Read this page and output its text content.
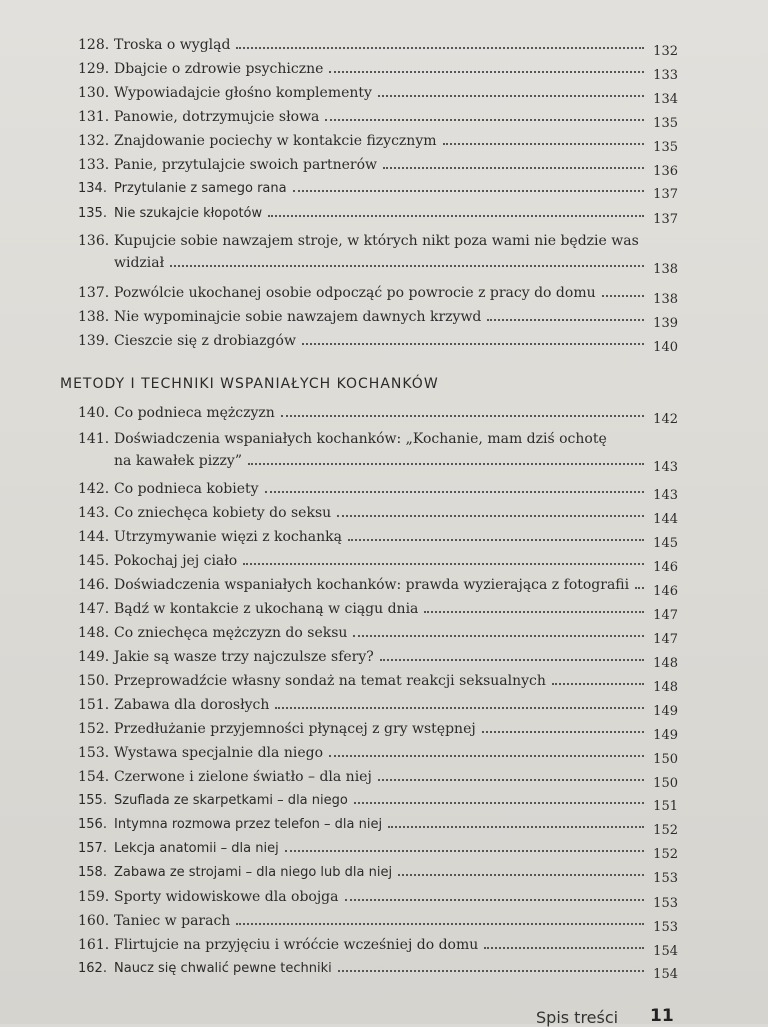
128. Troska o wygląd	132
129. Dbajcie o zdrowie psychiczne	133
130. Wypowiadajcie głośno komplementy	134
131. Panowie, dotrzymujcie słowa	135
132. Znajdowanie pociechy w kontakcie fizycznym	135
133. Panie, przytulajcie swoich partnerów	136
134. Przytulanie z samego rana	137
135. Nie szukajcie kłopotów	137
136. Kupujcie sobie nawzajem stroje, w których nikt poza wami nie będzie was
widział	138
137. Pozwólcie ukochanej osobie odpocząć po powrocie z pracy do domu	138
138. Nie wypominajcie sobie nawzajem dawnych krzywd	139
139. Cieszcie się z drobiazgów	140
METODY I TECHNIKI WSPANIAŁYCH KOCHANKÓW
140. Co podnieca mężczyzn	142
141. Doświadczenia wspaniałych kochanków: „Kochanie, mam dziś ochotę
na kawałek pizzy”	143
142. Co podnieca kobiety	143
143. Co zniechęca kobiety do seksu	144
144. Utrzymywanie więzi z kochanką	145
145. Pokochaj jej ciało	146
146. Doświadczenia wspaniałych kochanków: prawda wyzierająca z fotografii 146
147. Bądź w kontakcie z ukochaną w ciągu dnia	147
148. Co zniechęca mężczyzn do seksu	147
149. Jakie są wasze trzy najczulsze sfery?	148
150. Przeprowadźcie własny sondaż na temat reakcji seksualnych	148
151. Zabawa dla dorosłych	149
152. Przedłużanie przyjemności płynącej z gry wstępnej	149
153. Wystawa specjalnie dla niego	150
154. Czerwone i zielone światło – dla niej	150
155. Szuflada ze skarpetkami – dla niego	151
156. Intymna rozmowa przez telefon – dla niej	152
157. Lekcja anatomii – dla niej	152
158. Zabawa ze strojami – dla niego lub dla niej	153
159. Sporty widowiskowe dla obojga	153
160. Taniec w parach	153
161. Flirtujcie na przyjęciu i wróćcie wcześniej do domu	154
162. Naucz się chwalić pewne techniki	154
Spis treści 11
